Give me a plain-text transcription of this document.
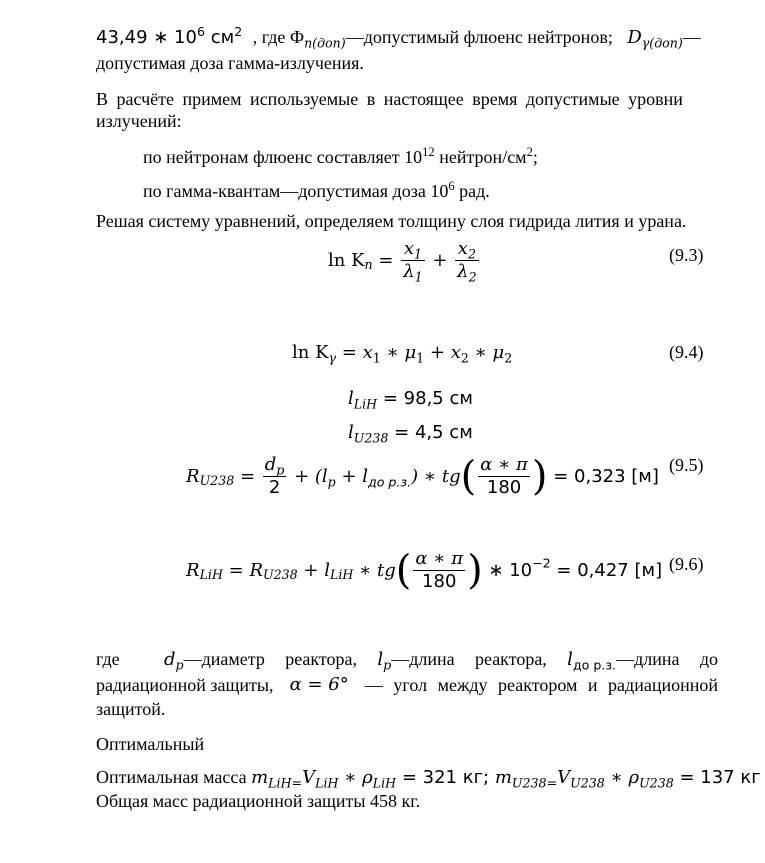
43,49 ∗ $10^6$ $см^2$ , где $Ф_{n(доп)}—допустимый$ флюенс нейтронов; $D_{\gamma(доп)}—$
допустимая доза гамма-излучения.
В расчёте примем используемые в настоящее время допустимые уровни
излучений:
по нейтронам флюенс составляет $10^{12}$ нейтрон/$см^2$;
по гамма-квантам—допустимая доза $10^6$ рад.
Решая систему уравнений, определяем толщину слоя гидрида лития и урана.
$\ln K_n = \frac{x_1}{\lambda_1} + \frac{x_2}{\lambda_2}$	(9.3)
$\ln K_\gamma = x_1$ ∗ $\mu_1 + x_2$ ∗ $\mu_2$	(9.4)
$l_{LiH} = 98,5$ см
$l_{U238} = 4,5$ см
$R_{U238} = \frac{d_p}{2} + (l_p + l_{до р.з.})$ ∗ $tg( \frac{\alpha ∗ \pi}{180}$ ) = 0,323 [м]
(9.5)
$R_{LiH} = R_{U238} + l_{LiH}$ ∗ $tg( \frac{\alpha ∗ \pi}{180}$ ) ∗ $10^{-2} = 0,427$ [м] (9.6)
где $d_p—диаметр$ реактора, $l_p—длина$ реактора, $l_{до р.з.}—длина$ до
радиационной защиты, α = 6° — угол между реактором и радиационной
защитой.
Оптимальный
Оптимальная масса $m_{LiH=}V_{LiH}$ ∗ $\rho_{LiH} = 321$ кг; $m_{U238=}V_{U238}$ ∗ $\rho_{U238} = 137$ кг
Общая масс радиационной защиты 458 кг.
